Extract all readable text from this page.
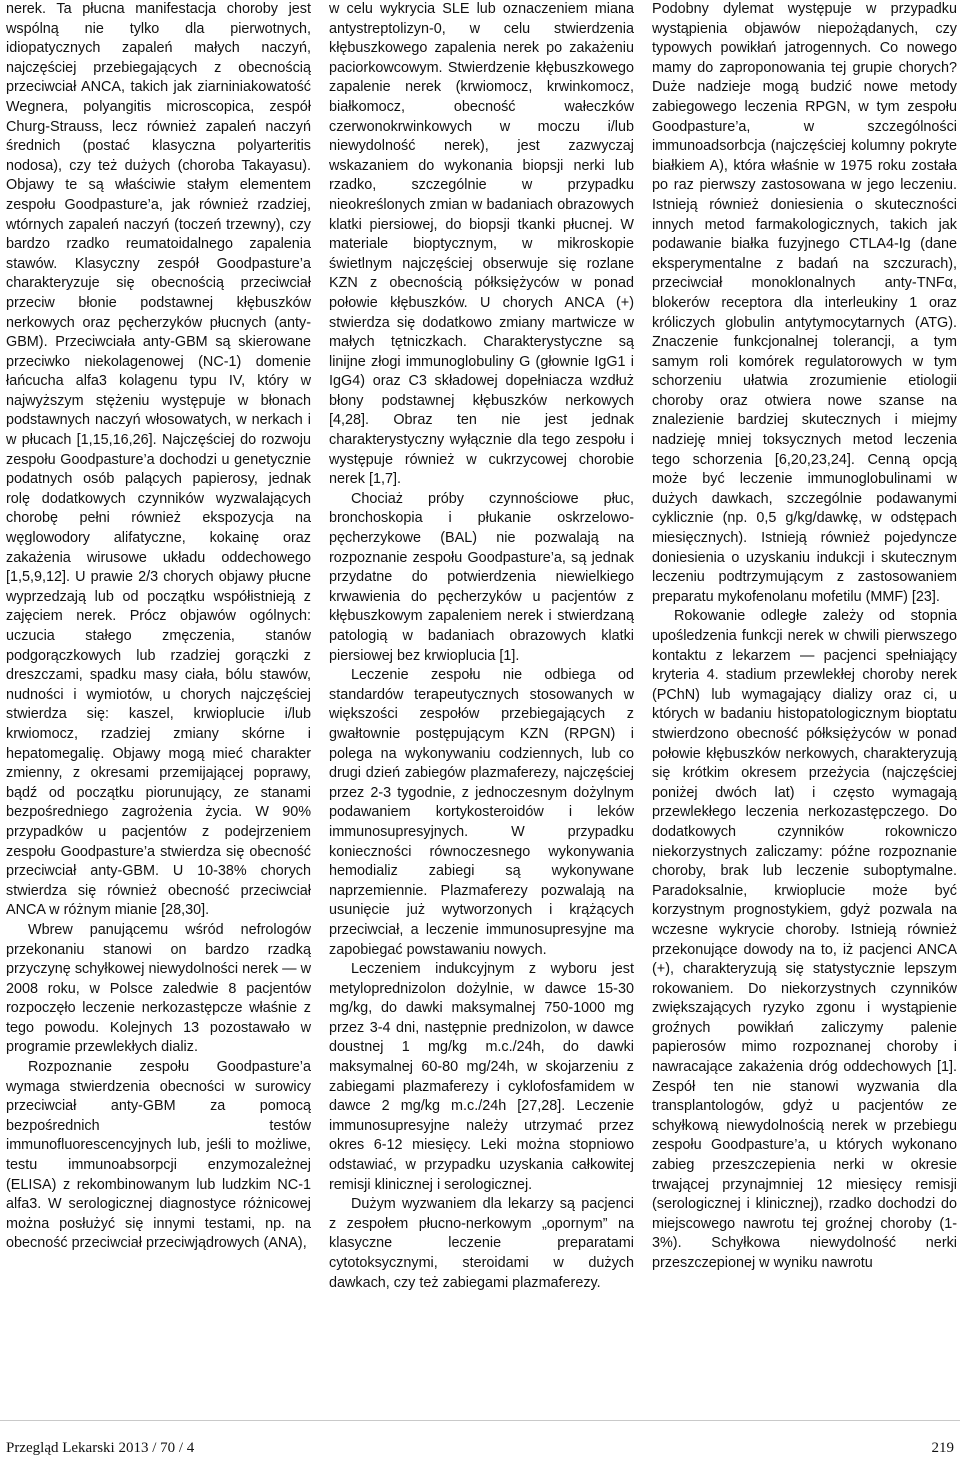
nerek. Ta płucna manifestacja choroby jest wspólną nie tylko dla pierwotnych, idiopatycznych zapaleń małych naczyń, najczęściej przebiegających z obecnością przeciwciał ANCA, takich jak ziarniniakowatość Wegnera, polyangitis microscopica, zespół Churg-Strauss, lecz również zapaleń naczyń średnich (postać klasyczna polyarteritis nodosa), czy też dużych (choroba Takayasu). Objawy te są właściwie stałym elementem zespołu Goodpasture’a, jak również rzadziej, wtórnych zapaleń naczyń (toczeń trzewny), czy bardzo rzadko reumatoidalnego zapalenia stawów. Klasyczny zespół Goodpasture’a charakteryzuje się obecnością przeciwciał przeciw błonie podstawnej kłębuszków nerkowych oraz pęcherzyków płucnych (anty-GBM). Przeciwciała anty-GBM są skierowane przeciwko niekolagenowej (NC-1) domenie łańcucha alfa3 kolagenu typu IV, który w najwyższym stężeniu występuje w błonach podstawnych naczyń włosowatych, w nerkach i w płucach [1,15,16,26]. Najczęściej do rozwoju zespołu Goodpasture’a dochodzi u genetycznie podatnych osób palących papierosy, jednak rolę dodatkowych czynników wyzwalających chorobę pełni również ekspozycja na węglowodory alifatyczne, kokainę oraz zakażenia wirusowe układu oddechowego [1,5,9,12]. U prawie 2/3 chorych objawy płucne wyprzedzają lub od początku współistnieją z zajęciem nerek. Prócz objawów ogólnych: uczucia stałego zmęczenia, stanów podgorączkowych lub rzadziej gorączki z dreszczami, spadku masy ciała, bólu stawów, nudności i wymiotów, u chorych najczęściej stwierdza się: kaszel, krwioplucie i/lub krwiomocz, rzadziej zmiany skórne i hepatomegalię. Objawy mogą mieć charakter zmienny, z okresami przemijającej poprawy, bądź od początku piorunujący, ze stanami bezpośredniego zagrożenia życia. W 90% przypadków u pacjentów z podejrzeniem zespołu Goodpasture’a stwierdza się obecność przeciwciał anty-GBM. U 10-38% chorych stwierdza się również obecność przeciwciał ANCA w różnym mianie [28,30].

Wbrew panującemu wśród nefrologów przekonaniu stanowi on bardzo rzadką przyczynę schyłkowej niewydolności nerek — w 2008 roku, w Polsce zaledwie 8 pacjentów rozpoczęło leczenie nerkozastępcze właśnie z tego powodu. Kolejnych 13 pozostawało w programie przewlekłych dializ.

Rozpoznanie zespołu Goodpasture’a wymaga stwierdzenia obecności w surowicy przeciwciał anty-GBM za pomocą bezpośrednich testów immunofluorescencyjnych lub, jeśli to możliwe, testu immunoabsorpcji enzymozależnej (ELISA) z rekombinowanym lub ludzkim NC-1 alfa3. W serologicznej diagnostyce różnicowej można posłużyć się innymi testami, np. na obecność przeciwciał przeciwjądrowych (ANA),

w celu wykrycia SLE lub oznaczeniem miana antystreptolizyn-0, w celu stwierdzenia kłębuszkowego zapalenia nerek po zakażeniu paciorkowcowym. Stwierdzenie kłębuszkowego zapalenie nerek (krwiomocz, krwinkomocz, białkomocz, obecność wałeczków czerwonokrwinkowych w moczu i/lub niewydolność nerek), jest zazwyczaj wskazaniem do wykonania biopsji nerki lub rzadko, szczególnie w przypadku nieokreślonych zmian w badaniach obrazowych klatki piersiowej, do biopsji tkanki płucnej. W materiale bioptycznym, w mikroskopie świetlnym najczęściej obserwuje się rozlane KZN z obecnością półksiężyców w ponad połowie kłębuszków. U chorych ANCA (+) stwierdza się dodatkowo zmiany martwicze w małych tętniczkach. Charakterystyczne są linijne złogi immunoglobuliny G (głownie IgG1 i IgG4) oraz C3 składowej dopełniacza wzdłuż błony podstawnej kłębuszków nerkowych [4,28]. Obraz ten nie jest jednak charakterystyczny wyłącznie dla tego zespołu i występuje również w cukrzycowej chorobie nerek [1,7].

Chociaż próby czynnościowe płuc, bronchoskopia i płukanie oskrzelowo-pęcherzykowe (BAL) nie pozwalają na rozpoznanie zespołu Goodpasture’a, są jednak przydatne do potwierdzenia niewielkiego krwawienia do pęcherzyków u pacjentów z kłębuszkowym zapaleniem nerek i stwierdzaną patologią w badaniach obrazowych klatki piersiowej bez krwioplucia [1].

Leczenie zespołu nie odbiega od standardów terapeutycznych stosowanych w większości zespołów przebiegających z gwałtownie postępującym KZN (RPGN) i polega na wykonywaniu codziennych, lub co drugi dzień zabiegów plazmaferezy, najczęściej przez 2-3 tygodnie, z jednoczesnym dożylnym podawaniem kortykosteroidów i leków immunosupresyjnych. W przypadku konieczności równoczesnego wykonywania hemodializ zabiegi są wykonywane naprzemiennie. Plazmaferezy pozwalają na usunięcie już wytworzonych i krążących przeciwciał, a leczenie immunosupresyjne ma zapobiegać powstawaniu nowych.

Leczeniem indukcyjnym z wyboru jest metyloprednizolon dożylnie, w dawce 15-30 mg/kg, do dawki maksymalnej 750-1000 mg przez 3-4 dni, następnie prednizolon, w dawce doustnej 1 mg/kg m.c./24h, do dawki maksymalnej 60-80 mg/24h, w skojarzeniu z zabiegami plazmaferezy i cyklofosfamidem w dawce 2 mg/kg m.c./24h [27,28]. Leczenie immunosupresyjne należy utrzymać przez okres 6-12 miesięcy. Leki można stopniowo odstawiać, w przypadku uzyskania całkowitej remisji klinicznej i serologicznej.

Dużym wyzwaniem dla lekarzy są pacjenci z zespołem płucno-nerkowym „opornym” na klasyczne leczenie preparatami cytotoksycznymi, steroidami w dużych dawkach, czy też zabiegami plazmaferezy.

Podobny dylemat występuje w przypadku wystąpienia objawów niepożądanych, czy typowych powikłań jatrogennych. Co nowego mamy do zaproponowania tej grupie chorych? Duże nadzieje mogą budzić nowe metody zabiegowego leczenia RPGN, w tym zespołu Goodpasture’a, w szczególności immunoadsorbcja (najczęściej kolumny pokryte białkiem A), która właśnie w 1975 roku została po raz pierwszy zastosowana w jego leczeniu. Istnieją również doniesienia o skuteczności innych metod farmakologicznych, takich jak podawanie białka fuzyjnego CTLA4-Ig (dane eksperymentalne z badań na szczurach), przeciwciał monoklonalnych anty-TNFα, blokerów receptora dla interleukiny 1 oraz króliczych globulin antytymocytarnych (ATG). Znaczenie funkcjonalnej tolerancji, a tym samym roli komórek regulatorowych w tym schorzeniu ułatwia zrozumienie etiologii choroby oraz otwiera nowe szanse na znalezienie bardziej skutecznych i miejmy nadzieję mniej toksycznych metod leczenia tego schorzenia [6,20,23,24]. Cenną opcją może być leczenie immunoglobulinami w dużych dawkach, szczególnie podawanymi cyklicznie (np. 0,5 g/kg/dawkę, w odstępach miesięcznych). Istnieją również pojedyncze doniesienia o uzyskaniu indukcji i skutecznym leczeniu podtrzymującym z zastosowaniem preparatu mykofenolanu mofetilu (MMF) [23].

Rokowanie odległe zależy od stopnia upośledzenia funkcji nerek w chwili pierwszego kontaktu z lekarzem — pacjenci spełniający kryteria 4. stadium przewlekłej choroby nerek (PChN) lub wymagający dializy oraz ci, u których w badaniu histopatologicznym bioptatu stwierdzono obecność półksiężyców w ponad połowie kłębuszków nerkowych, charakteryzują się krótkim okresem przeżycia (najczęściej poniżej dwóch lat) i często wymagają przewlekłego leczenia nerkozastępczego. Do dodatkowych czynników rokowniczo niekorzystnych zaliczamy: późne rozpoznanie choroby, brak lub leczenie suboptymalne. Paradoksalnie, krwioplucie może być korzystnym prognostykiem, gdyż pozwala na wczesne wykrycie choroby. Istnieją również przekonujące dowody na to, iż pacjenci ANCA (+), charakteryzują się statystycznie lepszym rokowaniem. Do niekorzystnych czynników zwiększających ryzyko zgonu i wystąpienie groźnych powikłań zaliczymy palenie papierosów mimo rozpoznanej choroby i nawracające zakażenia dróg oddechowych [1]. Zespół ten nie stanowi wyzwania dla transplantologów, gdyż u pacjentów ze schyłkową niewydolnością nerek w przebiegu zespołu Goodpasture’a, u których wykonano zabieg przeszczepienia nerki w okresie trwającej przynajmniej 12 miesięcy remisji (serologicznej i klinicznej), rzadko dochodzi do miejscowego nawrotu tej groźnej choroby (1-3%). Schyłkowa niewydolność nerki przeszczepionej w wyniku nawrotu

Przegląd Lekarski 2013 / 70 / 4	219
